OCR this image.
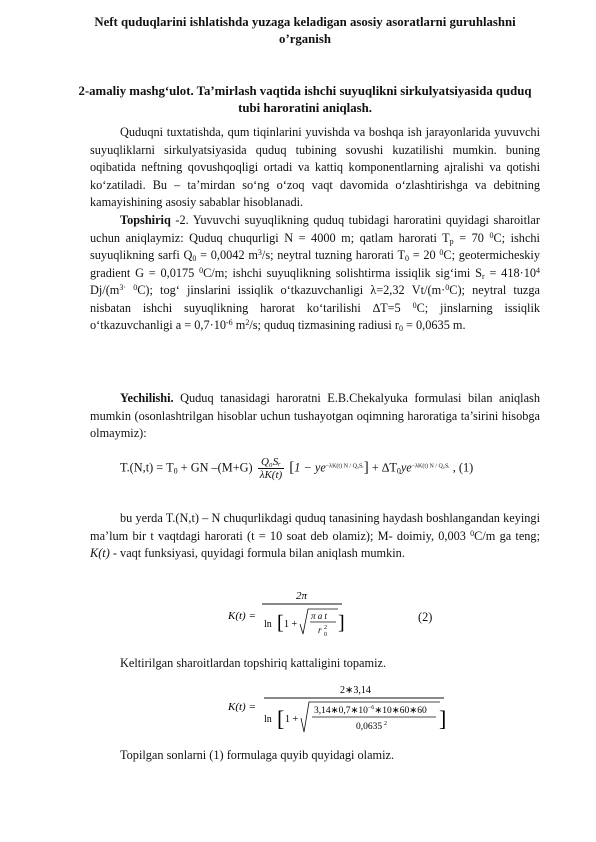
Neft quduqlarini ishlatishda yuzaga keladigan asosiy asoratlarni guruhlashni o’rganish
2-amaliy mashg‘ulot. Ta’mirlash vaqtida ishchi suyuqlikni sirkulyatsiyasida quduq tubi haroratini aniqlash.
Quduqni tuxtatishda, qum tiqinlarini yuvishda va boshqa ish jarayonlarida yuvuvchi suyuqliklarni sirkulyatsiyasida quduq tubining sovushi kuzatilishi mumkin. buning oqibatida neftning qovushqoqligi ortadi va kattiq komponentlarning ajralishi va qotishi ko‘zatiladi. Bu – ta’mirdan so‘ng o‘zoq vaqt davomida o‘zlashtirishga va debitning kamayishining asosiy sabablar hisoblanadi.
Topshiriq -2. Yuvuvchi suyuqlikning quduq tubidagi haroratini quyidagi sharoitlar uchun aniqlaymiz: Quduq chuqurligi N = 4000 m; qatlam harorati $T_p = 70$ $^0$C; ishchi suyuqlikning sarfi $Q_0 = 0,0042$ $m^3/s$; neytral tuzning harorati $T_0 = 20$ $^0$C; geotermicheskiy gradient G = 0,0175 $^0$C/m; ishchi suyuqlikning solishtirma issiqlik sig‘imi $S_r = 418\cdot 10^4$ $Dj/(m^{3\cdot}$ $^0$C); tog‘ jinslarini issiqlik o‘tkazuvchanligi λ=2,32 Vt/(m·$^0$C); neytral tuzga nisbatan ishchi suyuqlikning harorat ko‘tarilishi ∆T=5 $^0$C; jinslarning issiqlik o‘tkazuvchanligi $a = 0,7\cdot 10^{-6}$ $m^2/s$; quduq tizmasining radiusi $r_0 = 0,0635$ m.
Yechilishi. Quduq tanasidagi haroratni E.B.Chekalyuka formulasi bilan aniqlash mumkin (osonlashtrilgan hisoblar uchun tushayotgan oqimning haroratiga ta’sirini hisobga olmaymiz):
$T.(N,t) = T_0$ + GN $-(M+G) \frac{\text{Q₀Sᵣ}}{\lambda K(t)} [1 - ye^{-\lambda K(t) N / Q_0Sᵣ}] + \Delta T_0ye^{-\lambda K(t) N / Q_0Sᵣ}$ , (1)
bu yerda T.(N,t) – N chuqurlikdagi quduq tanasining haydash boshlangandan keyingi ma’lum bir t vaqtdagi harorati (t = 10 soat deb olamiz); M- doimiy, 0,003 $^0$C/m ga teng; K(t) - vaqt funksiyasi, quyidagi formula bilan aniqlash mumkin.
K(t) =
2π
ln [ 1 +
π a t
r 0
2 ]	(2)
Keltirilgan sharoitlardan topshiriq kattaligini topamiz.
K(t) =
2∗3,14
ln [ 1 +
$3,14∗0,7∗10^{-6}∗10∗60∗60$
0,0635 2 ]
Topilgan sonlarni (1) formulaga quyib quyidagi olamiz.
